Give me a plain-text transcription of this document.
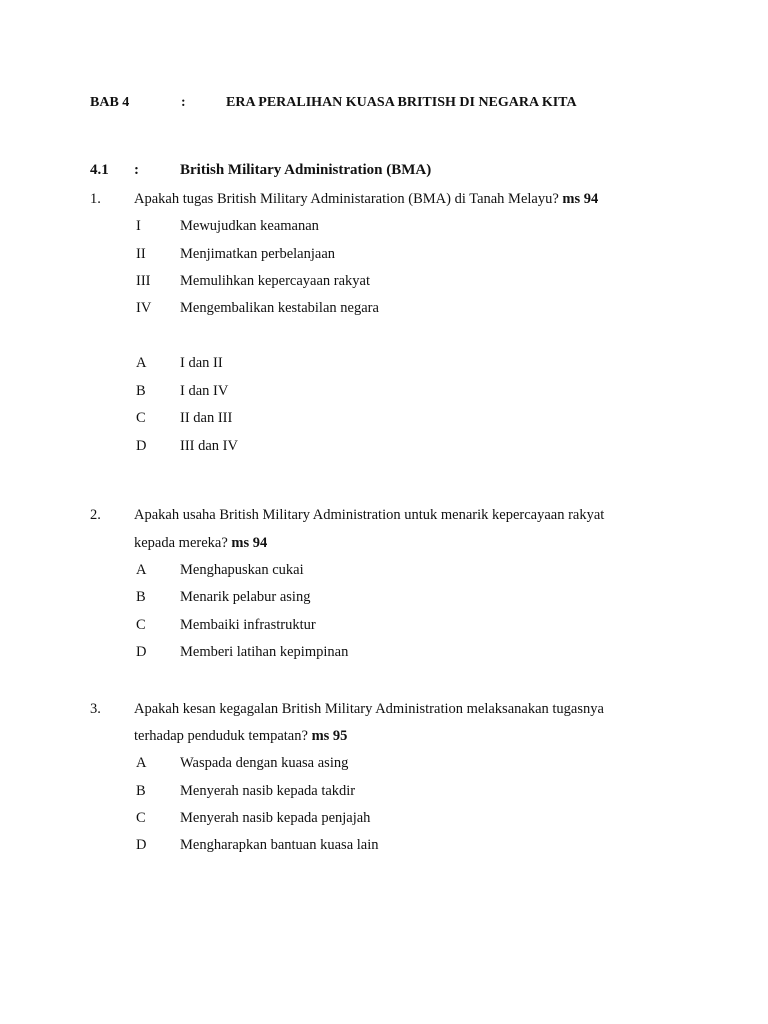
BAB 4	:	ERA PERALIHAN KUASA BRITISH DI NEGARA KITA
4.1 :	British Military Administration (BMA)
1. Apakah tugas British Military Administaration (BMA) di Tanah Melayu? ms 94
I	Mewujudkan keamanan
II Menjimatkan perbelanjaan
III Memulihkan kepercayaan rakyat
IV Mengembalikan kestabilan negara
A I dan II
B I dan IV
C II dan III
D III dan IV
2. Apakah usaha British Military Administration untuk menarik kepercayaan rakyat
kepada mereka? ms 94
A Menghapuskan cukai
B Menarik pelabur asing
C Membaiki infrastruktur
D Memberi latihan kepimpinan
3. Apakah kesan kegagalan British Military Administration melaksanakan tugasnya
terhadap penduduk tempatan? ms 95
A Waspada dengan kuasa asing
B Menyerah nasib kepada takdir
C Menyerah nasib kepada penjajah
D Mengharapkan bantuan kuasa lain
